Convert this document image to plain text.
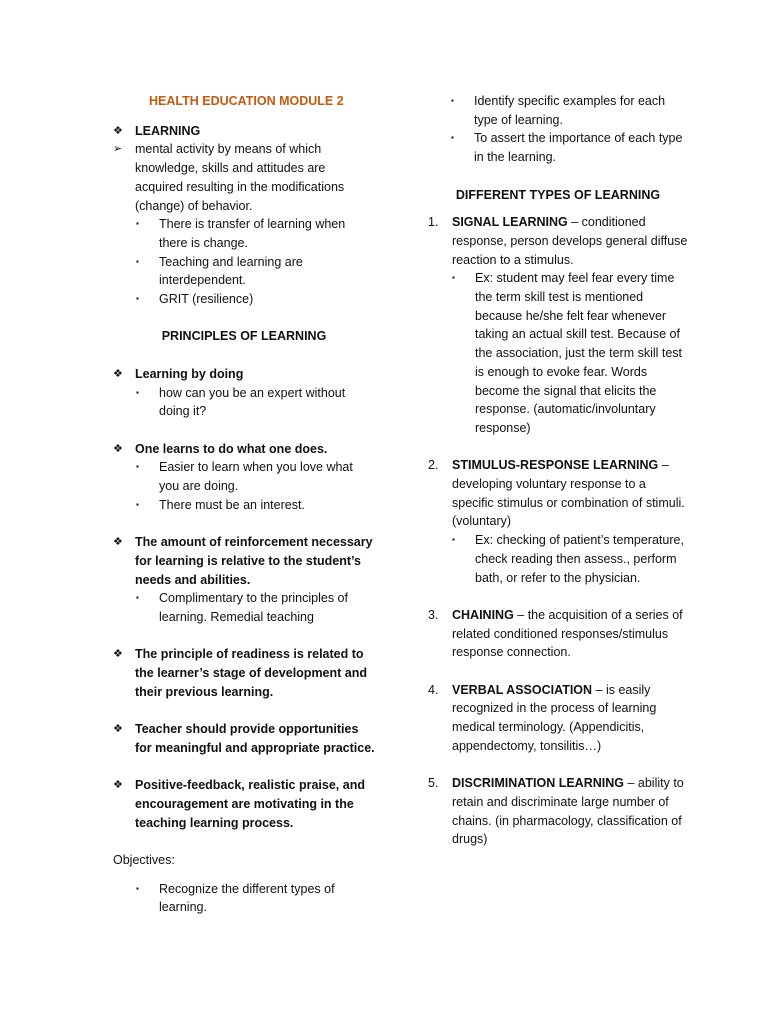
HEALTH EDUCATION MODULE 2
❖ LEARNING
➢	mental activity by means of which knowledge, skills and attitudes are acquired resulting in the modifications (change) of behavior.
▪	There is transfer of learning when there is change.
▪	Teaching and learning are interdependent.
▪	GRIT (resilience)
PRINCIPLES OF LEARNING
❖ Learning by doing
▪	how can you be an expert without doing it?
❖ One learns to do what one does.
▪	Easier to learn when you love what you are doing.
▪	There must be an interest.
❖ The amount of reinforcement necessary for learning is relative to the student’s needs and abilities.
▪	Complimentary to the principles of learning. Remedial teaching
❖ The principle of readiness is related to the learner’s stage of development and their previous learning.
❖ Teacher should provide opportunities for meaningful and appropriate practice.
❖ Positive-feedback, realistic praise, and encouragement are motivating in the teaching learning process.
Objectives:
▪	Recognize the different types of learning.
▪	Identify specific examples for each type of learning.
▪	To assert the importance of each type in the learning.
DIFFERENT TYPES OF LEARNING
1.	SIGNAL LEARNING – conditioned response, person develops general diffuse reaction to a stimulus.
▪	Ex: student may feel fear every time the term skill test is mentioned because he/she felt fear whenever taking an actual skill test. Because of the association, just the term skill test is enough to evoke fear. Words become the signal that elicits the response. (automatic/involuntary response)
2.	STIMULUS-RESPONSE LEARNING – developing voluntary response to a specific stimulus or combination of stimuli. (voluntary)
▪	Ex: checking of patient’s temperature, check reading then assess., perform bath, or refer to the physician.
3.	CHAINING – the acquisition of a series of related conditioned responses/stimulus response connection.
4.	VERBAL ASSOCIATION – is easily recognized in the process of learning medical terminology. (Appendicitis, appendectomy, tonsilitis…)
5.	DISCRIMINATION LEARNING – ability to retain and discriminate large number of chains. (in pharmacology, classification of drugs)
